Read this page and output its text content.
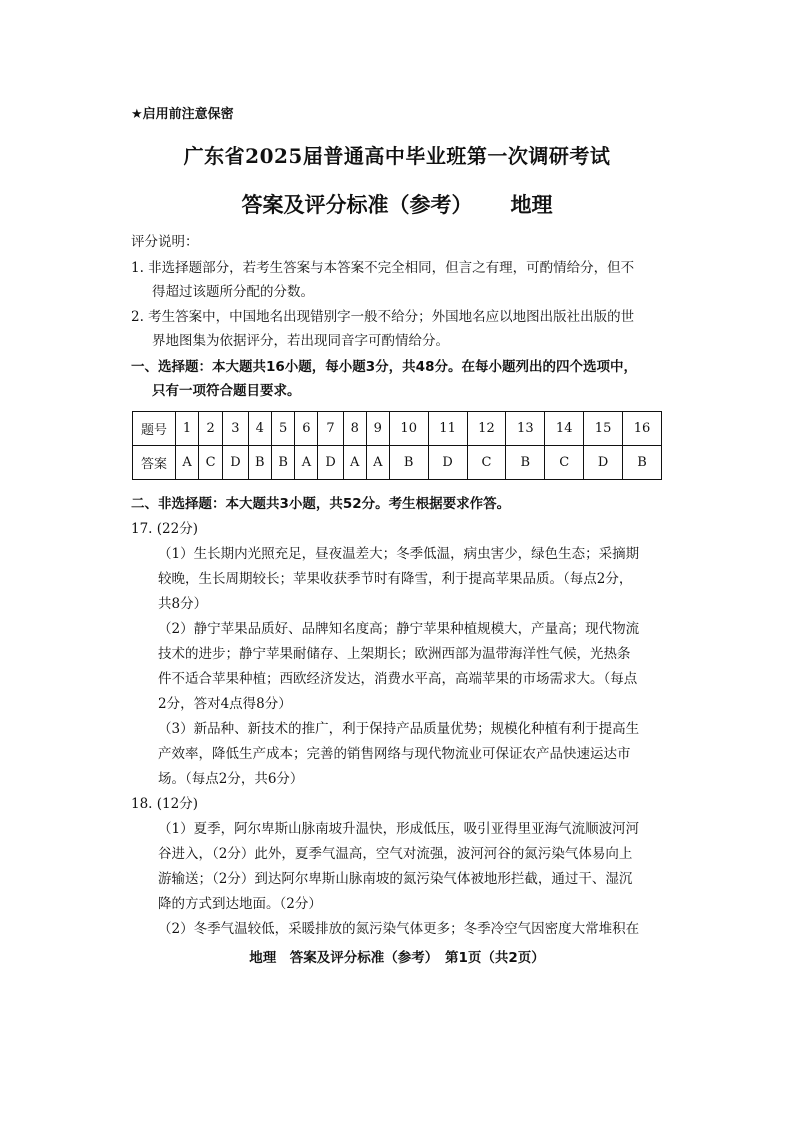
★启用前注意保密
广东省2025届普通高中毕业班第一次调研考试
答案及评分标准（参考） 地理
评分说明：
1. 非选择题部分，若考生答案与本答案不完全相同，但言之有理，可酌情给分，但不
得超过该题所分配的分数。
2. 考生答案中，中国地名出现错别字一般不给分；外国地名应以地图出版社出版的世
界地图集为依据评分，若出现同音字可酌情给分。
一、选择题：本大题共16小题，每小题3分，共48分。在每小题列出的四个选项中，
只有一项符合题目要求。
题号	1	2	3	4	5	6	7	8	9	10	11	12	13	14	15	16
答案	A	C	D	B	B	A	D	A	A	B	D	C	B	C	D	B
二、非选择题：本大题共3小题，共52分。考生根据要求作答。
17. (22分)
（1）生长期内光照充足，昼夜温差大；冬季低温，病虫害少，绿色生态；采摘期
较晚，生长周期较长；苹果收获季节时有降雪，利于提高苹果品质。（每点2分，
共8分）
（2）静宁苹果品质好、品牌知名度高；静宁苹果种植规模大，产量高；现代物流
技术的进步；静宁苹果耐储存、上架期长；欧洲西部为温带海洋性气候，光热条
件不适合苹果种植；西欧经济发达，消费水平高，高端苹果的市场需求大。（每点
2分，答对4点得8分）
（3）新品种、新技术的推广，利于保持产品质量优势；规模化种植有利于提高生
产效率，降低生产成本；完善的销售网络与现代物流业可保证农产品快速运达市
场。（每点2分，共6分）
18. (12分)
（1）夏季，阿尔卑斯山脉南坡升温快，形成低压，吸引亚得里亚海气流顺波河河
谷进入，（2分）此外，夏季气温高，空气对流强，波河河谷的氮污染气体易向上
游输送；（2分）到达阿尔卑斯山脉南坡的氮污染气体被地形拦截，通过干、湿沉
降的方式到达地面。（2分）
（2）冬季气温较低，采暖排放的氮污染气体更多；冬季冷空气因密度大常堆积在
地理　答案及评分标准（参考）　第1页（共2页）
